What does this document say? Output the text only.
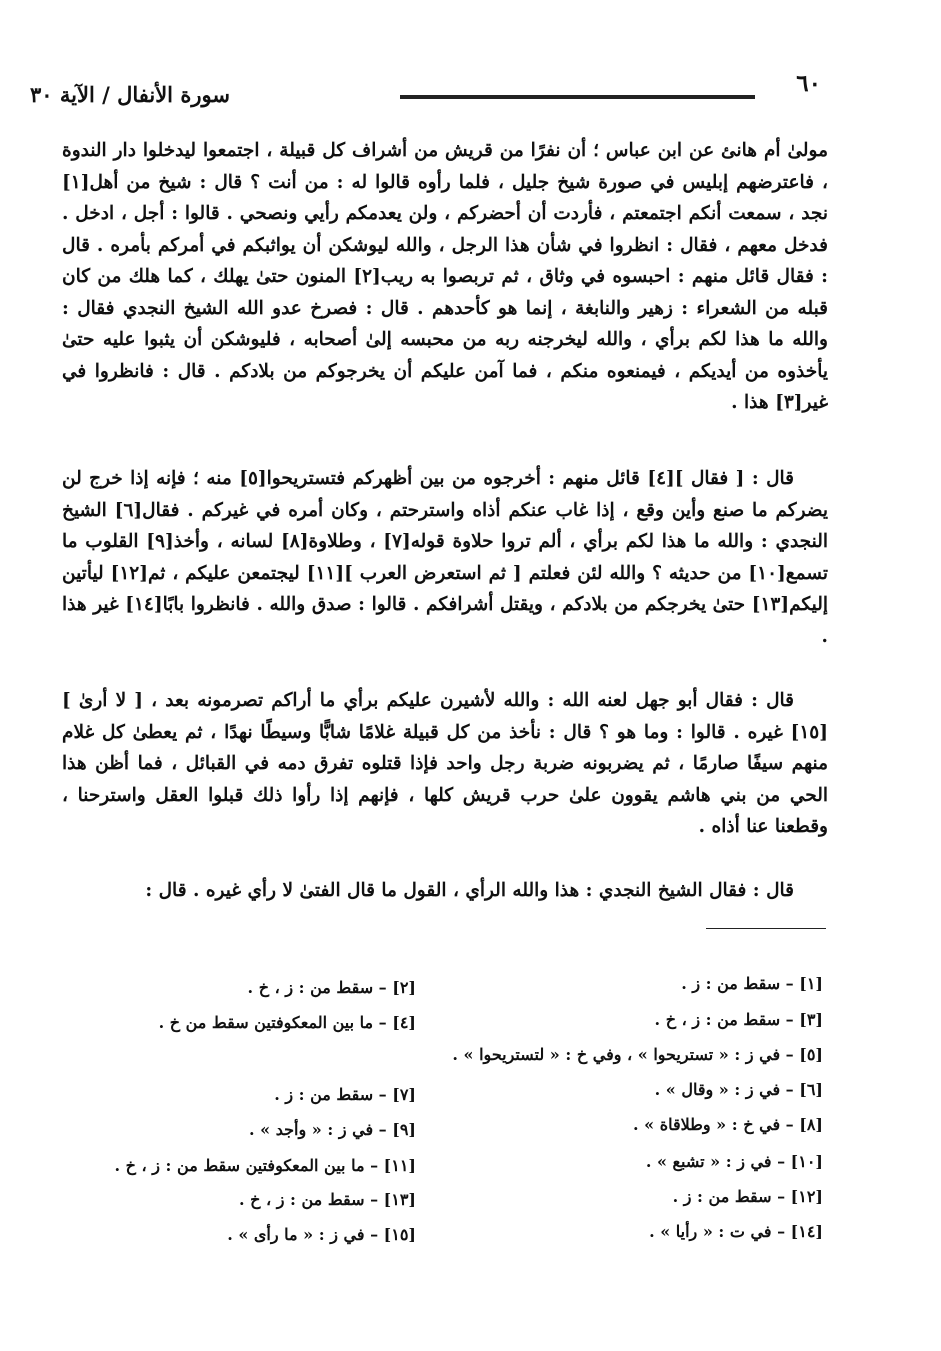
٦٠
سورة الأنفال / الآية ٣٠

مولىٰ أم هانئ عن ابن عباس ؛ أن نفرًا من قريش من أشراف كل قبيلة ، اجتمعوا ليدخلوا دار الندوة ، فاعترضهم إبليس في صورة شيخ جليل ، فلما رأوه قالوا له : من أنت ؟ قال : شيخ من أهل[١] نجد ، سمعت أنكم اجتمعتم ، فأردت أن أحضركم ، ولن يعدمكم رأيي ونصحي . قالوا : أجل ، ادخل . فدخل معهم ، فقال : انظروا في شأن هذا الرجل ، والله ليوشكن أن يواثبكم في أمركم بأمره . قال : فقال قائل منهم : احبسوه في وثاق ، ثم تربصوا به ريب[٢] المنون حتىٰ يهلك ، كما هلك من كان قبله من الشعراء : زهير والنابغة ، إنما هو كأحدهم . قال : فصرخ عدو الله الشيخ النجدي فقال : والله ما هذا لكم برأي ، والله ليخرجنه ربه من محبسه إلىٰ أصحابه ، فليوشكن أن يثبوا عليه حتىٰ يأخذوه من أيديكم ، فيمنعوه منكم ، فما آمن عليكم أن يخرجوكم من بلادكم . قال : فانظروا في غير[٣] هذا .

قال : [ فقال ][٤] قائل منهم : أخرجوه من بين أظهركم فتستريحوا[٥] منه ؛ فإنه إذا خرج لن يضركم ما صنع وأين وقع ، إذا غاب عنكم أذاه واسترحتم ، وكان أمره في غيركم . فقال[٦] الشيخ النجدي : والله ما هذا لكم برأي ، ألم تروا حلاوة قوله[٧] ، وطلاوة[٨] لسانه ، وأخذ[٩] القلوب ما تسمع[١٠] من حديثه ؟ والله لئن فعلتم [ ثم استعرض العرب ][١١] ليجتمعن عليكم ، ثم[١٢] ليأتين إليكم[١٣] حتىٰ يخرجكم من بلادكم ، ويقتل أشرافكم . قالوا : صدق والله . فانظروا بابًا[١٤] غير هذا .

قال : فقال أبو جهل لعنه الله : والله لأشيرن عليكم برأي ما أراكم تصرمونه بعد ، [ لا أرىٰ ][١٥] غيره . قالوا : وما هو ؟ قال : نأخذ من كل قبيلة غلامًا شابًّا وسيطًا نهدًا ، ثم يعطىٰ كل غلام منهم سيفًا صارمًا ، ثم يضربونه ضربة رجل واحد فإذا قتلوه تفرق دمه في القبائل ، فما أظن هذا الحي من بني هاشم يقوون علىٰ حرب قريش كلها ، فإنهم إذا رأوا ذلك قبلوا العقل واسترحنا ، وقطعنا عنا أذاه .

قال : فقال الشيخ النجدي : هذا والله الرأي ، القول ما قال الفتىٰ لا رأي غيره . قال :

[١] – سقط من : ز .
[٢] – سقط من : ز ، خ .
[٣] – سقط من : ز ، خ .
[٤] – ما بين المعكوفتين سقط من خ .
[٥] – في ز : « تستريحوا » ، وفي خ : « لتستريحوا » .
[٦] – في ز : « وقال » .
[٧] – سقط من : ز .
[٨] – في خ : « وطلاقاة » .
[٩] – في ز : « وأجد » .
[١٠] – في ز : « تشبع » .
[١١] – ما بين المعكوفتين سقط من : ز ، خ .
[١٢] – سقط من : ز .
[١٣] – سقط من : ز ، خ .
[١٤] – في ت : « رأيا » .
[١٥] – في ز : « ما رأى » .
